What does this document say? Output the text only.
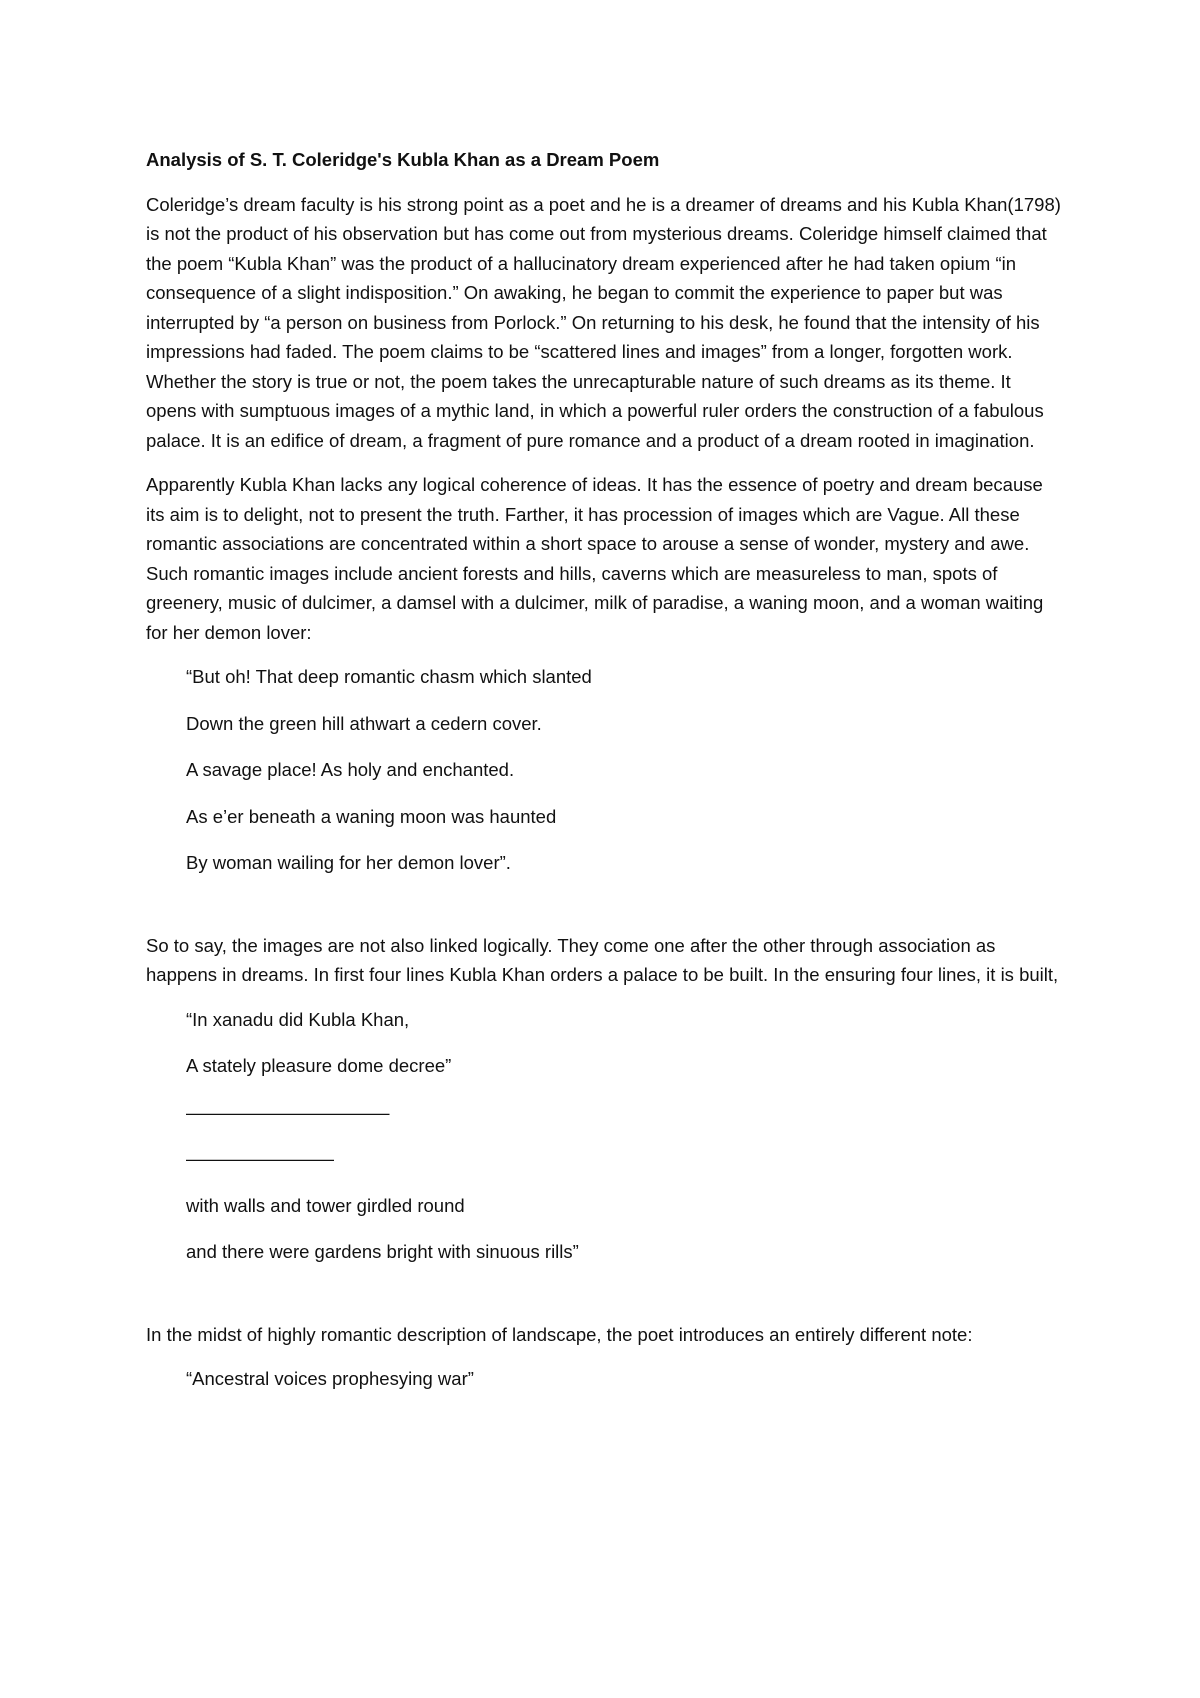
Analysis of S. T. Coleridge's Kubla Khan as a Dream Poem
Coleridge’s dream faculty is his strong point as a poet and he is a dreamer of dreams and his Kubla Khan(1798) is not the product of his observation but has come out from mysterious dreams. Coleridge himself claimed that the poem “Kubla Khan” was the product of a hallucinatory dream experienced after he had taken opium “in consequence of a slight indisposition.” On awaking, he began to commit the experience to paper but was interrupted by “a person on business from Porlock.” On returning to his desk, he found that the intensity of his impressions had faded. The poem claims to be “scattered lines and images” from a longer, forgotten work. Whether the story is true or not, the poem takes the unrecapturable nature of such dreams as its theme. It opens with sumptuous images of a mythic land, in which a powerful ruler orders the construction of a fabulous palace. It is an edifice of dream, a fragment of pure romance and a product of a dream rooted in imagination.
Apparently Kubla Khan lacks any logical coherence of ideas. It has the essence of poetry and dream because its aim is to delight, not to present the truth. Farther, it has procession of images which are Vague. All these romantic associations are concentrated within a short space to arouse a sense of wonder, mystery and awe. Such romantic images include ancient forests and hills, caverns which are measureless to man, spots of greenery, music of dulcimer, a damsel with a dulcimer, milk of paradise, a waning moon, and a woman waiting for her demon lover:
“But oh! That deep romantic chasm which slanted
Down the green hill athwart a cedern cover.
A savage place! As holy and enchanted.
As e’er beneath a waning moon was haunted
By woman wailing for her demon lover”.
So to say, the images are not also linked logically. They come one after the other through association as happens in dreams. In first four lines Kubla Khan orders a palace to be built. In the ensuring four lines, it is built,
“In xanadu did Kubla Khan,
A stately pleasure dome decree”
———————————
————————
with walls and tower girdled round
and there were gardens bright with sinuous rills”
In the midst of highly romantic description of landscape, the poet introduces an entirely different note:
“Ancestral voices prophesying war”
